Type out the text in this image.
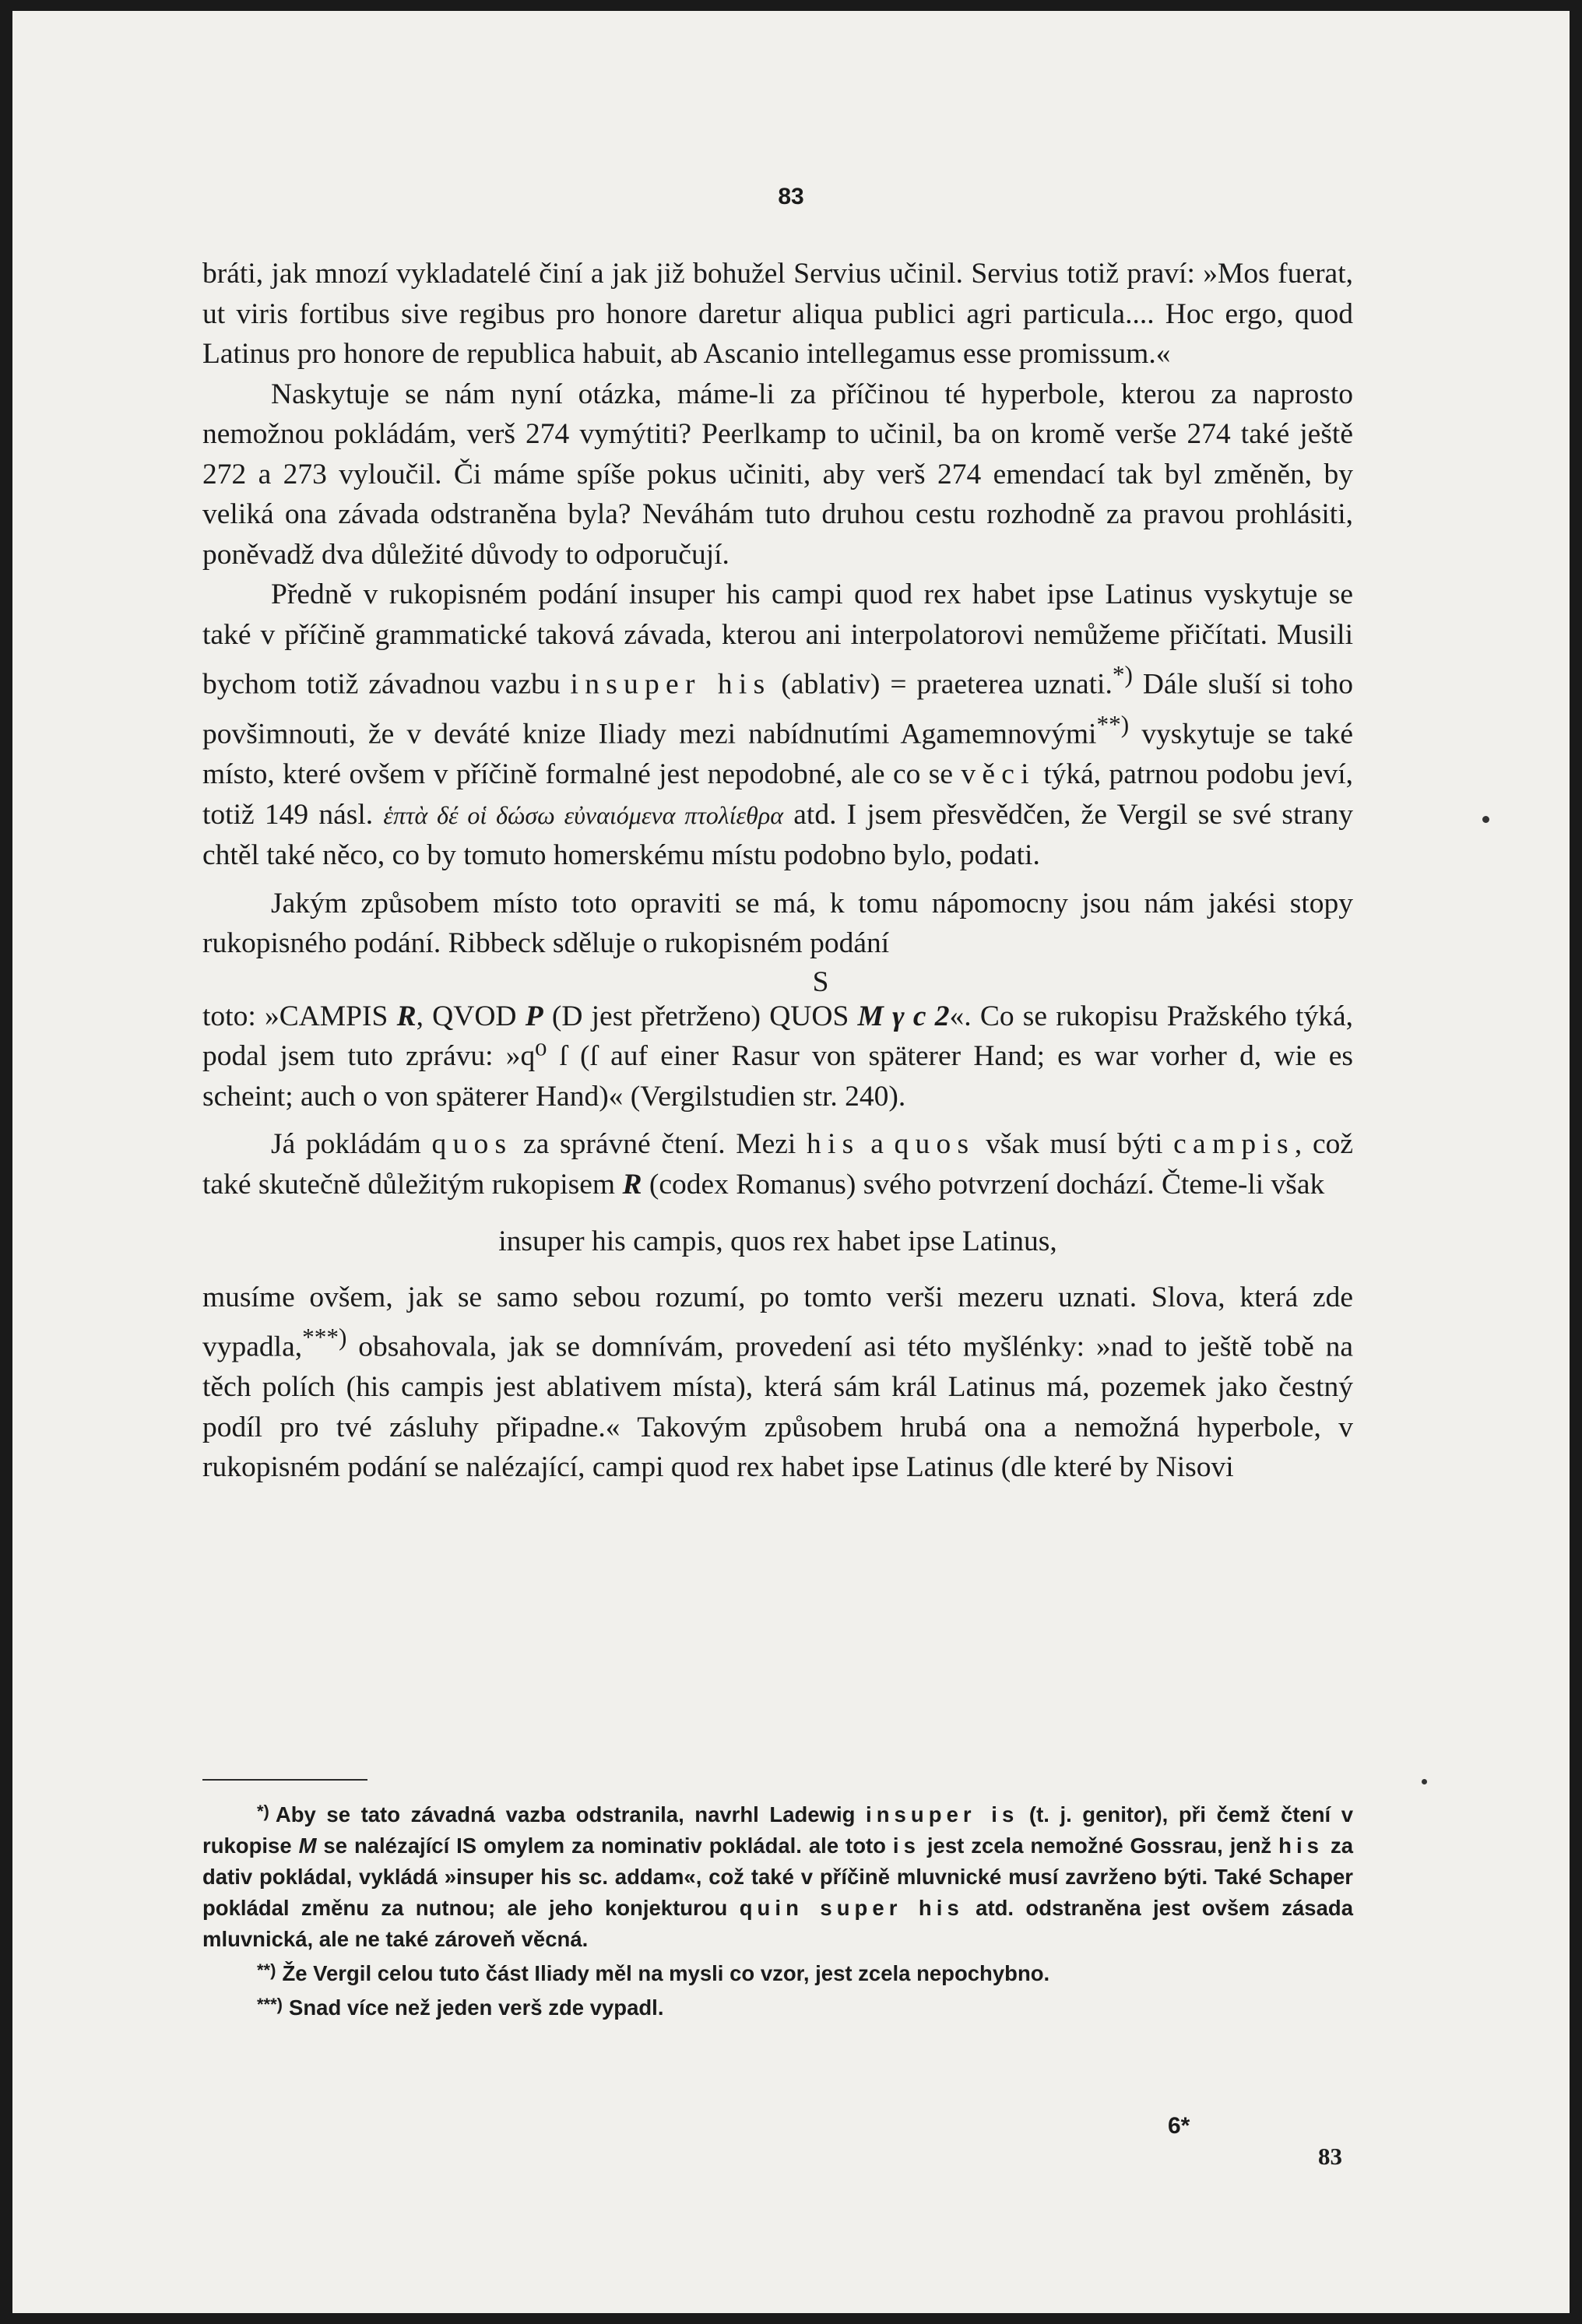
83

bráti, jak mnozí vykladatelé činí a jak již bohužel Servius učinil. Servius totiž praví: »Mos fuerat, ut viris fortibus sive regibus pro honore daretur aliqua publici agri particula.... Hoc ergo, quod Latinus pro honore de republica habuit, ab Ascanio intellegamus esse promissum.«

Naskytuje se nám nyní otázka, máme-li za příčinou té hyperbole, kterou za naprosto nemožnou pokládám, verš 274 vymýtiti? Peerlkamp to učinil, ba on kromě verše 274 také ještě 272 a 273 vyloučil. Či máme spíše pokus učiniti, aby verš 274 emendací tak byl změněn, by veliká ona závada odstraněna byla? Neváhám tuto druhou cestu rozhodně za pravou prohlásiti, poněvadž dva důležité důvody to odporučují.

Předně v rukopisném podání insuper his campi quod rex habet ipse Latinus vyskytuje se také v příčině grammatické taková závada, kterou ani interpolatorovi nemůžeme přičítati. Musili bychom totiž závadnou vazbu insuper his (ablativ) = praeterea uznati.*) Dále sluší si toho povšimnouti, že v deváté knize Iliady mezi nabídnutími Agamemnovými**) vyskytuje se také místo, které ovšem v příčině formalné jest nepodobné, ale co se věci týká, patrnou podobu jeví, totiž 149 násl. ἑπτὰ δέ οἱ δώσω εὐναιόμενα πτολίεθρα atd. I jsem přesvědčen, že Vergil se své strany chtěl také něco, co by tomuto homerskému místu podobno bylo, podati.

Jakým způsobem místo toto opraviti se má, k tomu nápomocny jsou nám jakési stopy rukopisného podání. Ribbeck sděluje o rukopisném podání

S

toto: »CAMPIS R, QVOD P (D jest přetrženo) QUOS M γ c 2«. Co se rukopisu Pražského týká, podal jsem tuto zprávu: »q⁰ ſ (ſ auf einer Rasur von späterer Hand; es war vorher d, wie es scheint; auch o von späterer Hand)« (Vergilstudien str. 240).

Já pokládám quos za správné čtení. Mezi his a quos však musí býti campis, což také skutečně důležitým rukopisem R (codex Romanus) svého potvrzení dochází. Čteme-li však

insuper his campis, quos rex habet ipse Latinus,

musíme ovšem, jak se samo sebou rozumí, po tomto verši mezeru uznati. Slova, která zde vypadla,***) obsahovala, jak se domnívám, provedení asi této myšlénky: »nad to ještě tobě na těch polích (his campis jest ablativem místa), která sám král Latinus má, pozemek jako čestný podíl pro tvé zásluhy připadne.« Takovým způsobem hrubá ona a nemožná hyperbole, v rukopisném podání se nalézající, campi quod rex habet ipse Latinus (dle které by Nisovi

*) Aby se tato závadná vazba odstranila, navrhl Ladewig insuper is (t. j. genitor), při čemž čtení v rukopise M se nalézající IS omylem za nominativ pokládal. ale toto is jest zcela nemožné Gossrau, jenž his za dativ pokládal, vykládá »insuper his sc. addam«, což také v příčině mluvnické musí zavrženo býti. Také Schaper pokládal změnu za nutnou; ale jeho konjekturou quin super his atd. odstraněna jest ovšem zásada mluvnická, ale ne také zároveň věcná.

**) Že Vergil celou tuto část Iliady měl na mysli co vzor, jest zcela nepochybno.

***) Snad více než jeden verš zde vypadl.

6*
83
